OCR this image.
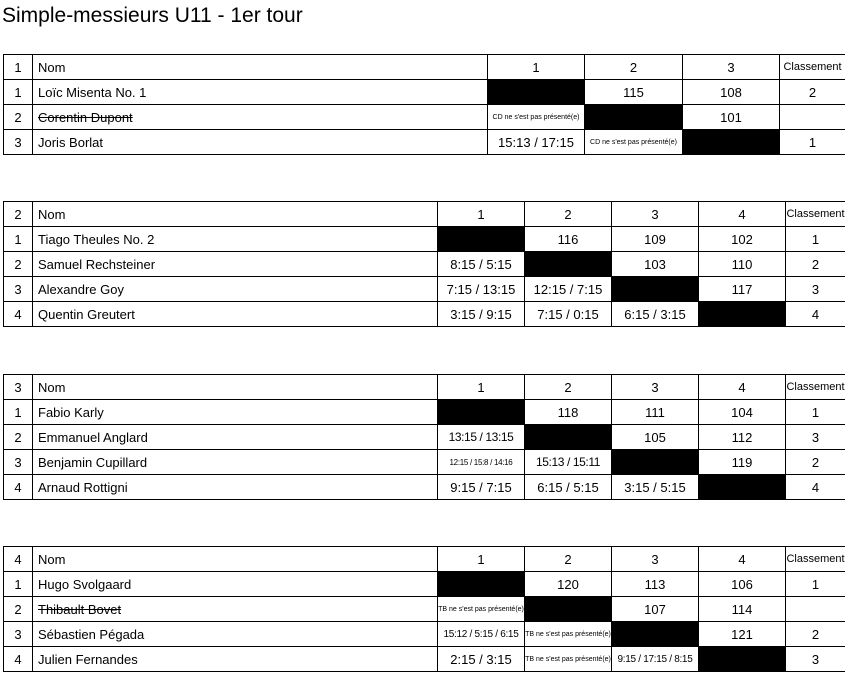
Simple-messieurs U11 - 1er tour
1	Nom	1	2	3	Classement
1	Loïc Misenta No. 1		115	108	2
2	Corentin Dupont	CD ne s'est pas présenté(e)		101	
3	Joris Borlat	15:13 / 17:15	CD ne s'est pas présenté(e)		1
2	Nom	1	2	3	4	Classement
1	Tiago Theules No. 2		116	109	102	1
2	Samuel Rechsteiner	8:15 / 5:15		103	110	2
3	Alexandre Goy	7:15 / 13:15	12:15 / 7:15		117	3
4	Quentin Greutert	3:15 / 9:15	7:15 / 0:15	6:15 / 3:15		4
3	Nom	1	2	3	4	Classement
1	Fabio Karly		118	111	104	1
2	Emmanuel Anglard	13:15 / 13:15		105	112	3
3	Benjamin Cupillard	12:15 / 15:8 / 14:16	15:13 / 15:11		119	2
4	Arnaud Rottigni	9:15 / 7:15	6:15 / 5:15	3:15 / 5:15		4
4	Nom	1	2	3	4	Classement
1	Hugo Svolgaard		120	113	106	1
2	Thibault Bovet	TB ne s'est pas présenté(e)		107	114	
3	Sébastien Pégada	15:12 / 5:15 / 6:15	TB ne s'est pas présenté(e)		121	2
4	Julien Fernandes	2:15 / 3:15	TB ne s'est pas présenté(e)	9:15 / 17:15 / 8:15		3
